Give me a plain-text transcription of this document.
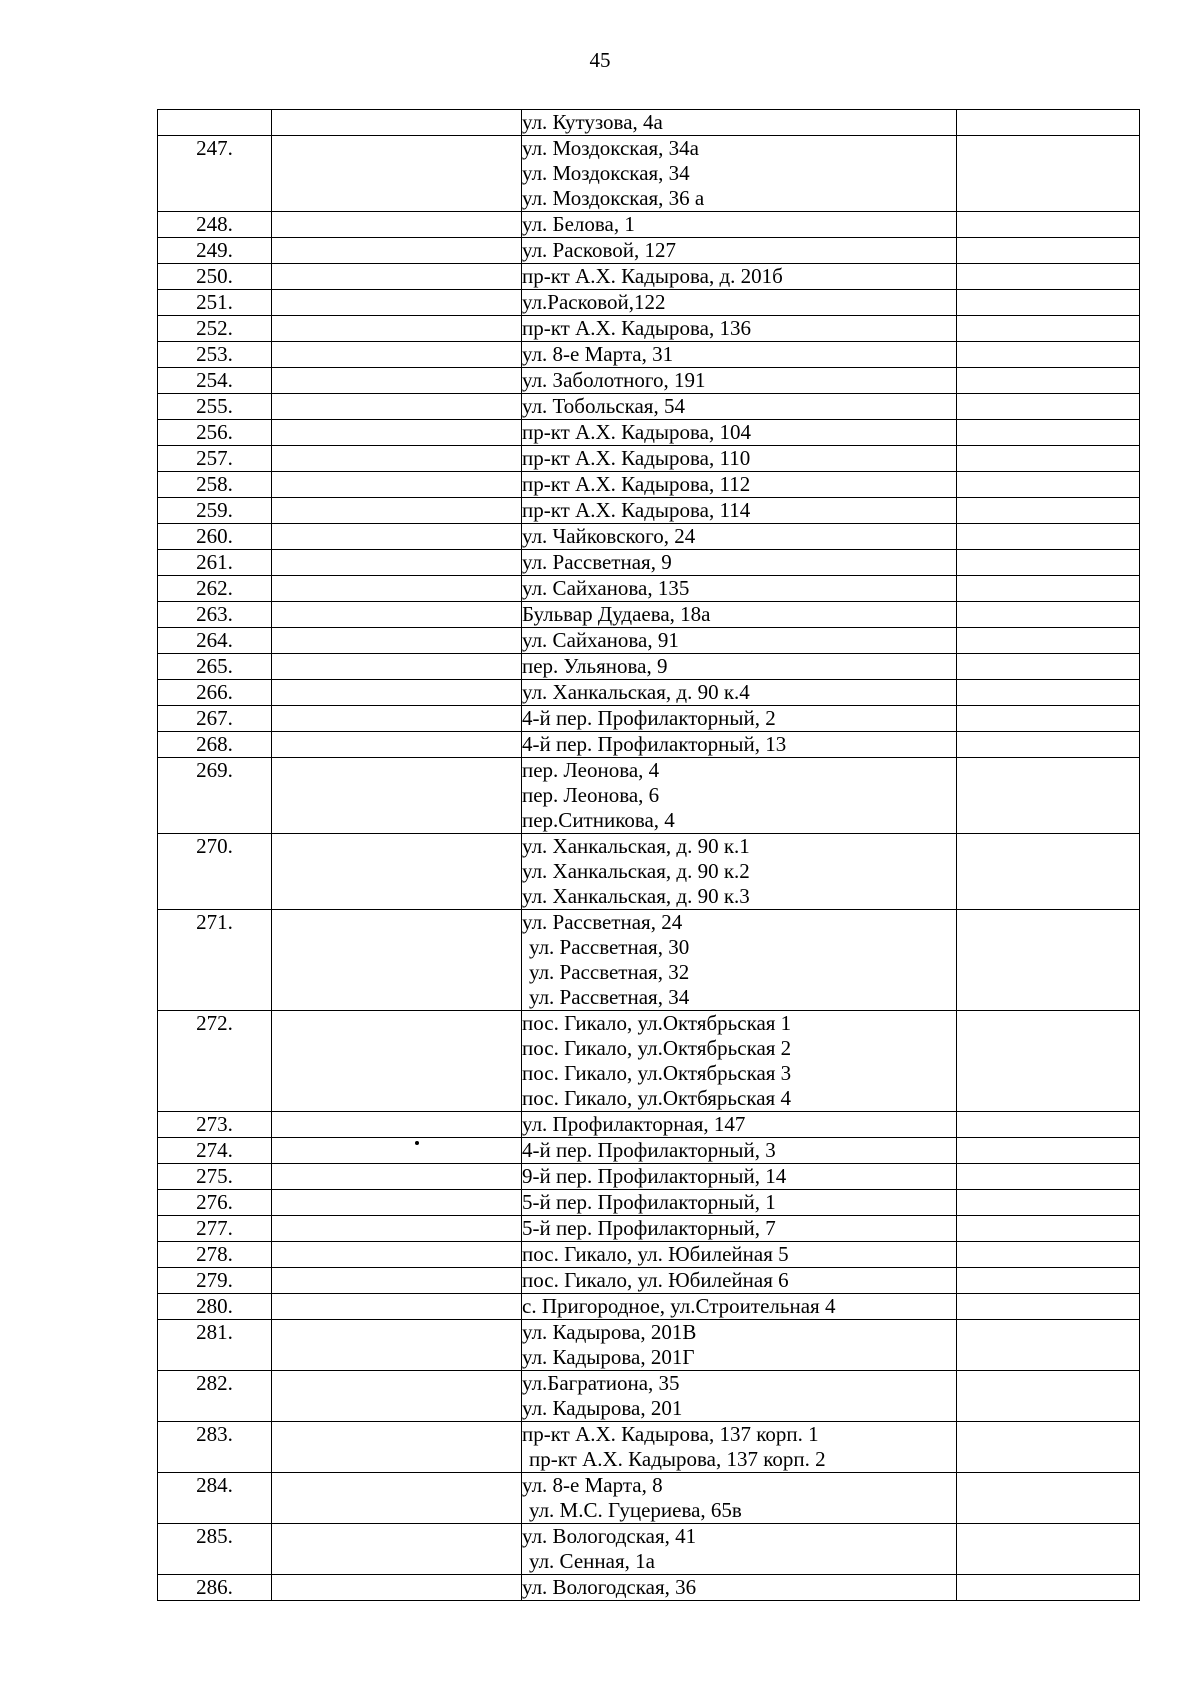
45

		ул. Кутузова, 4а	

247.		ул. Моздокская, 34а
ул. Моздокская, 34
ул. Моздокская, 36 а	

248.		ул. Белова, 1	

249.		ул. Расковой, 127	

250.		пр-кт А.Х. Кадырова, д. 201б	

251.		ул.Расковой,122	

252.		пр-кт А.Х. Кадырова, 136	

253.		ул. 8-е Марта, 31	

254.		ул. Заболотного, 191	

255.		ул. Тобольская, 54	

256.		пр-кт А.Х. Кадырова, 104	

257.		пр-кт А.Х. Кадырова, 110	

258.		пр-кт А.Х. Кадырова, 112	

259.		пр-кт А.Х. Кадырова, 114	

260.		ул. Чайковского, 24	

261.		ул. Рассветная, 9	

262.		ул. Сайханова, 135	

263.		Бульвар Дудаева, 18а	

264.		ул. Сайханова, 91	

265.		пер. Ульянова, 9	

266.		ул. Ханкальская, д. 90 к.4	

267.		4-й пер. Профилакторный, 2	

268.		4-й пер. Профилакторный, 13	

269.		пер. Леонова, 4
пер. Леонова, 6
пер.Ситникова, 4	

270.		ул. Ханкальская, д. 90 к.1
ул. Ханкальская, д. 90 к.2
ул. Ханкальская, д. 90 к.3	

271.		ул. Рассветная, 24
ул. Рассветная, 30
ул. Рассветная, 32
ул. Рассветная, 34	

272.		пос. Гикало, ул.Октябрьская 1
пос. Гикало, ул.Октябрьская 2
пос. Гикало, ул.Октябрьская 3
пос. Гикало, ул.Октбярьская 4	

273.		ул. Профилакторная, 147	

274.		4-й пер. Профилакторный, 3	

275.		9-й пер. Профилакторный, 14	

276.		5-й пер. Профилакторный, 1	

277.		5-й пер. Профилакторный, 7	

278.		пос. Гикало, ул. Юбилейная 5	

279.		пос. Гикало, ул. Юбилейная 6	

280.		с. Пригородное, ул.Строительная 4	

281.		ул. Кадырова, 201В
ул. Кадырова, 201Г	

282.		ул.Багратиона, 35
ул. Кадырова, 201	

283.		пр-кт А.Х. Кадырова, 137 корп. 1
пр-кт А.Х. Кадырова, 137 корп. 2	

284.		ул. 8-е Марта, 8
ул. М.С. Гуцериева, 65в	

285.		ул. Вологодская, 41
ул. Сенная, 1а	

286.		ул. Вологодская, 36	
